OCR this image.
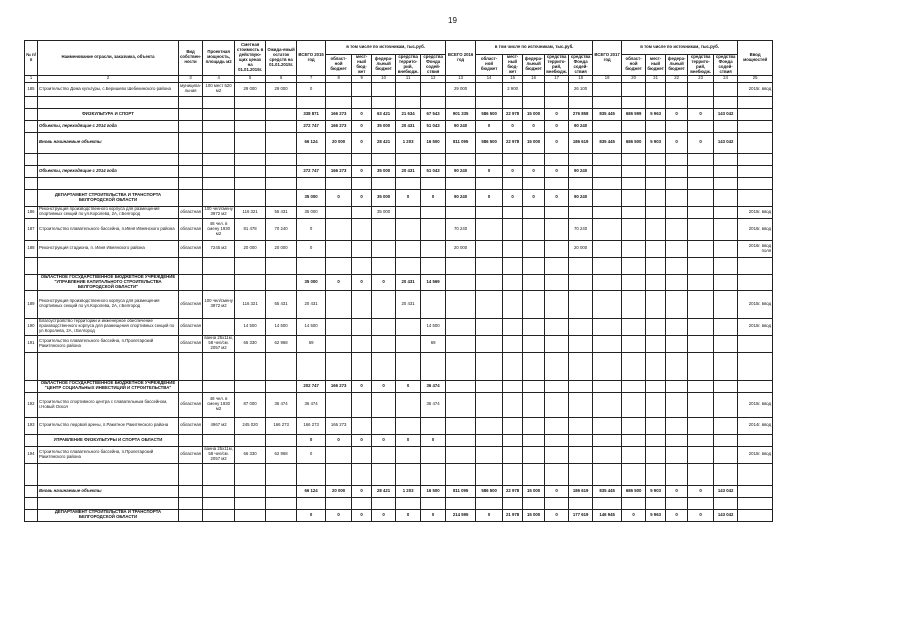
19
№ п/п	Наименование отрасли, заказчика, объекта	Вид собствен-ности	Проектная мощность, площадь м2	Сметная стоимость в действую-щих ценах на 01.01.2015г.	Ожида-емый остаток средств на 01.01.2015г.	ВСЕГО 2015 год	в том числе по источникам, тыс.руб.					ВСЕГО 2016 год	в том числе по источникам, тыс.руб.					ВСЕГО 2017 год	в том числе по источникам, тыс.руб.					Ввод мощностей
							област-ной бюджет	мест-ный бюд-жет	федера-льный бюджет	средства террито-рий, внебюдж.	средства Фонда содей-ствия		област-ной бюджет	мест-ный бюд-жет	федера-льный бюджет	средства террито-рий, внебюдж.	средства Фонда содей-ствия		област-ной бюджет	мест-ный бюджет	федера-льный бюджет	средства террито-рий, внебюдж.	средства Фонда содей-ствия	
1	2	3	4	5	6	7	8	9	10	11	12	13	14	15	16	17	18	19	20	21	22	23	24	25
185	Строительство Дома культуры, с.Беришево Шебекинского района	муниципа-льная	100 мест 620 м2	29 000	29 000	0						29 000		2 900			26 100							2015г. ввод

	ФИЗКУЛЬТУРА И СПОРТ					338 871	166 273	0	63 421	21 634	67 543	901 335	586 500	22 978	15 000	0	276 858	835 445	686 599	5 963	0	0	143 042	
	Объекты, переходящие с 2014 года					272 747	166 273	0	35 000	20 431	51 043	90 240	0	0	0	0	90 240							
	Вновь начинаемые объекты					66 124	20 000	0	28 421	1 203	16 500	811 095	586 500	22 978	15 000	0	186 619	835 445	686 500	5 903	0	0	143 042	

	Объекты, переходящие с 2014 года					272 747	166 273	0	35 000	20 431	51 043	90 240	0	0	0	0	90 240							

	ДЕПАРТАМЕНТ СТРОИТЕЛЬСТВА И ТРАНСПОРТА БЕЛГОРОДСКОЙ ОБЛАСТИ					35 000	0	0	35 000	0	0	90 240	0	0	0	0	90 240							
186	Реконструкция производственного корпуса для размещения спортивных секций по ул.Королева, 2А, г.Белгород	областная	100 чел/смену 3972 м2	116 321	55 431	35 000			35 000															2015г. ввод
187	Строительство плавательного бассейна, п.Ивня Ивнянского района	областная	48 чел. в смену 1930 м2	81 478	70 240	0						70 240					70 240							2016г. ввод
188	Реконструкция стадиона, п. Ивня Ивнянского района	областная	7245 м2	20 000	20 000	0						20 000					20 000							2016г. ввод поля

	ОБЛАСТНОЕ ГОСУДАРСТВЕННОЕ БЮДЖЕТНОЕ УЧРЕЖДЕНИЕ "УПРАВЛЕНИЕ КАПИТАЛЬНОГО СТРОИТЕЛЬСТВА БЕЛГОРОДСКОЙ ОБЛАСТИ"					35 000	0	0	0	20 431	14 569													
189	Реконструкция производственного корпуса для размещения спортивных секций по ул.Королева, 2А, г.Белгород	областная	100 чел/смену 3972 м2	116 321	55 431	20 431				20 431														2015г. ввод
190	Благоустройство территории и инженерное обеспечение производственного корпуса для размещения спортивных секций по ул.Королева, 2А, г.Белгород	областная		14 500	14 500	14 500					14 500													2015г. ввод
191	Строительство плавательного бассейна, п.Пролетарский Ракитянского района	областная	ванна 25х11м, 58 чел/см. 2057 м2	66 330	62 968	69					69													

	ОБЛАСТНОЕ ГОСУДАРСТВЕННОЕ БЮДЖЕТНОЕ УЧРЕЖДЕНИЕ "ЦЕНТР СОЦИАЛЬНЫХ ИНВЕСТИЦИЙ И СТРОИТЕЛЬСТВА"					202 747	166 273	0	0	0	36 474													
192	Строительство спортивного центра с плавательным бассейном, г.Новый Оскол	областная	48 чел. в смену 1930 м2	87 000	36 474	36 474					36 474													2015г. ввод
193	Строительство ледовой арены, п.Ракитное Ракитянского района	областная	4967 м2	245 020	166 273	166 273	166 273																	2014г. ввод
	УПРАВЛЕНИЕ ФИЗКУЛЬТУРЫ И СПОРТА ОБЛАСТИ					0	0	0	0	0	0													
194	Строительство плавательного бассейна, п.Пролетарский Ракитянского района	областная	ванна 25х11м, 58 чел/см. 2057 м2	66 330	62 968	0																		2015г. ввод

	Вновь начинаемые объекты					66 124	20 000	0	28 421	1 203	16 500	811 095	586 500	22 978	15 000	0	186 619	835 445	686 500	5 903	0	0	143 042	

	ДЕПАРТАМЕНТ СТРОИТЕЛЬСТВА И ТРАНСПОРТА БЕЛГОРОДСКОЙ ОБЛАСТИ					0	0	0	0	0	0	214 595	0	21 978	15 000	0	177 619	146 945	0	5 963	0	0	143 042	
